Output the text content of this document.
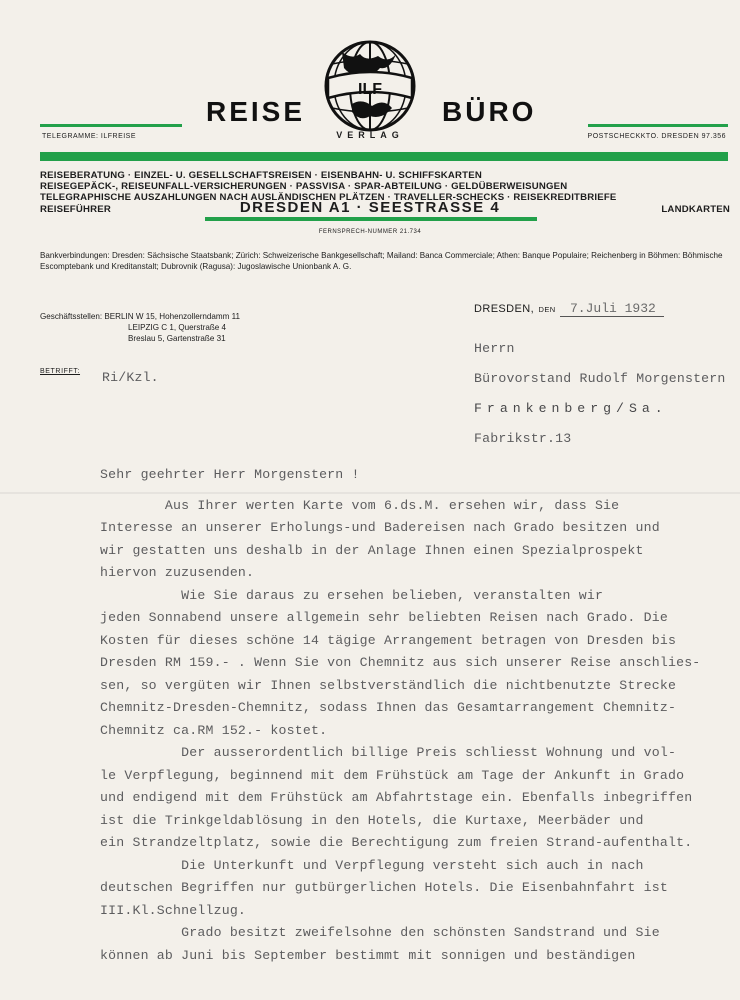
ILF
REISE	BÜRO
TELEGRAMME: ILFREISE	POSTSCHECKKTO. DRESDEN 97.356
VERLAG
REISEBERATUNG · EINZEL- U. GESELLSCHAFTSREISEN · EISENBAHN- U. SCHIFFSKARTEN
REISEGEPÄCK-, REISEUNFALL-VERSICHERUNGEN · PASSVISA · SPAR-ABTEILUNG · GELDÜBERWEISUNGEN
TELEGRAPHISCHE AUSZAHLUNGEN NACH AUSLÄNDISCHEN PLÄTZEN · TRAVELLER-SCHECKS · REISEKREDITBRIEFE
REISEFÜHRER	LANDKARTEN
DRESDEN A1 · SEESTRASSE 4
FERNSPRECH-NUMMER 21.734
Bankverbindungen: Dresden: Sächsische Staatsbank; Zürich: Schweizerische Bankgesellschaft; Mailand: Banca Commerciale; Athen: Banque Populaire; Reichenberg in Böhmen: Böhmische Escomptebank und Kreditanstalt; Dubrovnik (Ragusa): Jugoslawische Unionbank A. G.
Geschäftsstellen: BERLIN W 15, Hohenzollerndamm 11
LEIPZIG C 1, Querstraße 4
Breslau 5, Gartenstraße 31
DRESDEN, DEN 7.Juli 1932
Herrn
Bürovorstand Rudolf Morgenstern
Frankenberg/Sa.
Fabrikstr.13
BETRIFFT: Ri/Kzl.
Sehr geehrter Herr Morgenstern !
Aus Ihrer werten Karte vom 6.ds.M. ersehen wir, dass Sie
Interesse an unserer Erholungs-und Badereisen nach Grado besitzen und
wir gestatten uns deshalb in der Anlage Ihnen einen Spezialprospekt
hiervon zuzusenden.
Wie Sie daraus zu ersehen belieben, veranstalten wir
jeden Sonnabend unsere allgemein sehr beliebten Reisen nach Grado. Die
Kosten für dieses schöne 14 tägige Arrangement betragen von Dresden bis
Dresden RM 159.- . Wenn Sie von Chemnitz aus sich unserer Reise anschlies-
sen, so vergüten wir Ihnen selbstverständlich die nichtbenutzte Strecke
Chemnitz-Dresden-Chemnitz, sodass Ihnen das Gesamtarrangement Chemnitz-
Chemnitz ca.RM 152.- kostet.
Der ausserordentlich billige Preis schliesst Wohnung und vol-
le Verpflegung, beginnend mit dem Frühstück am Tage der Ankunft in Grado
und endigend mit dem Frühstück am Abfahrtstage ein. Ebenfalls inbegriffen
ist die Trinkgeldablösung in den Hotels, die Kurtaxe, Meerbäder und
ein Strandzeltplatz, sowie die Berechtigung zum freien Strand-aufenthalt.
Die Unterkunft und Verpflegung versteht sich auch in nach
deutschen Begriffen nur gutbürgerlichen Hotels. Die Eisenbahnfahrt ist
III.Kl.Schnellzug.
Grado besitzt zweifelsohne den schönsten Sandstrand und Sie
können ab Juni bis September bestimmt mit sonnigen und beständigen
